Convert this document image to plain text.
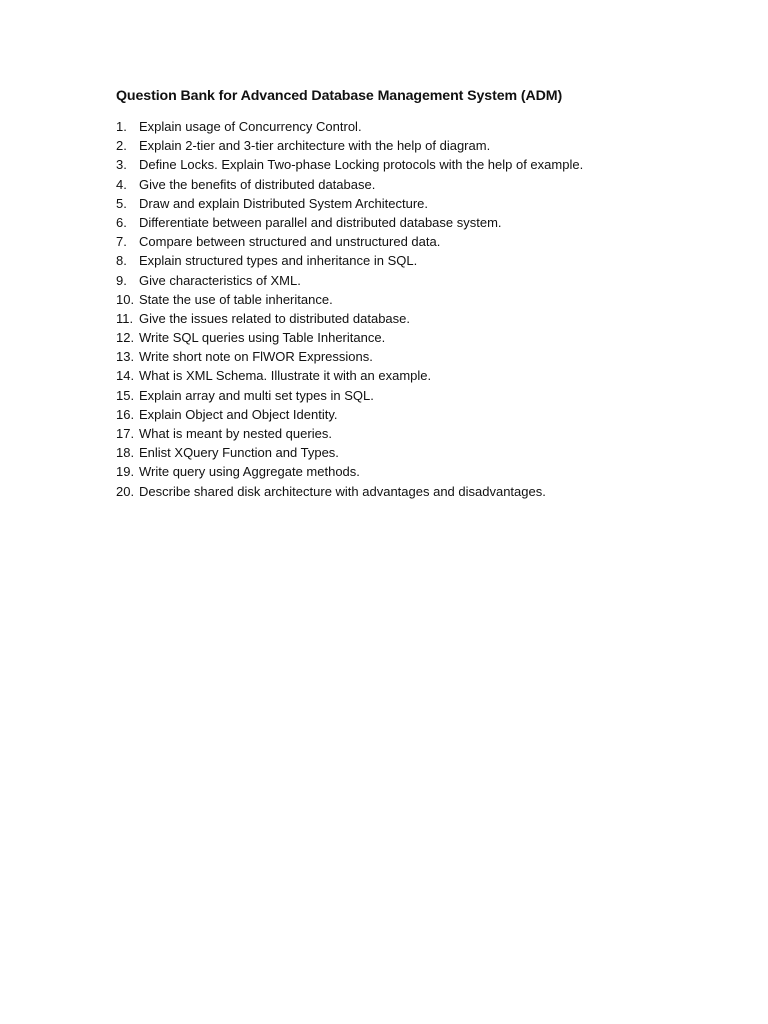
Question Bank for Advanced Database Management System (ADM)
1. Explain usage of Concurrency Control.
2. Explain 2-tier and 3-tier architecture with the help of diagram.
3. Define Locks. Explain Two-phase Locking protocols with the help of example.
4. Give the benefits of distributed database.
5. Draw and explain Distributed System Architecture.
6. Differentiate between parallel and distributed database system.
7. Compare between structured and unstructured data.
8. Explain structured types and inheritance in SQL.
9. Give characteristics of XML.
10. State the use of table inheritance.
11. Give the issues related to distributed database.
12. Write SQL queries using Table Inheritance.
13. Write short note on FlWOR Expressions.
14. What is XML Schema. Illustrate it with an example.
15. Explain array and multi set types in SQL.
16. Explain Object and Object Identity.
17. What is meant by nested queries.
18. Enlist XQuery Function and Types.
19. Write query using Aggregate methods.
20. Describe shared disk architecture with advantages and disadvantages.
